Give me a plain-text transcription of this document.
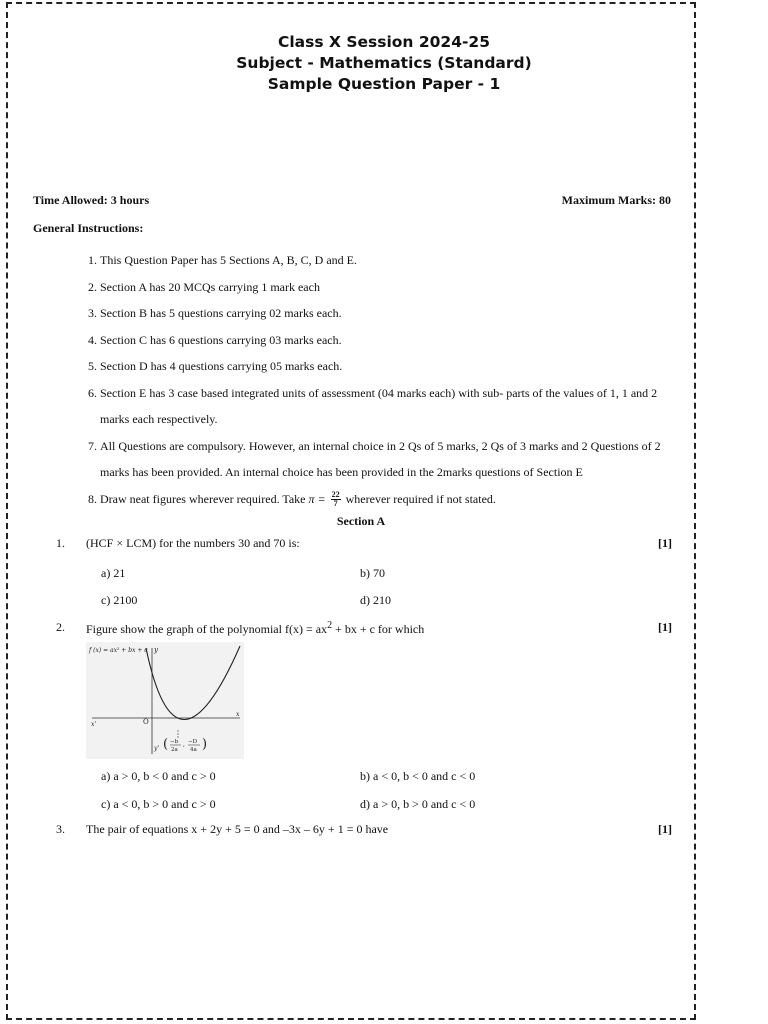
Class X Session 2024-25
Subject - Mathematics (Standard)
Sample Question Paper - 1
Time Allowed: 3 hours	Maximum Marks: 80
General Instructions:
1. This Question Paper has 5 Sections A, B, C, D and E.
2. Section A has 20 MCQs carrying 1 mark each
3. Section B has 5 questions carrying 02 marks each.
4. Section C has 6 questions carrying 03 marks each.
5. Section D has 4 questions carrying 05 marks each.
6. Section E has 3 case based integrated units of assessment (04 marks each) with sub- parts of the values of 1, 1 and 2 marks each respectively.
7. All Questions are compulsory. However, an internal choice in 2 Qs of 5 marks, 2 Qs of 3 marks and 2 Questions of 2 marks has been provided. An internal choice has been provided in the 2marks questions of Section E
8. Draw neat figures wherever required. Take $\pi = \frac{22}{7}$ wherever required if not stated.
Section A
1. (HCF × LCM) for the numbers 30 and 70 is:	[1]
a) 21	b) 70
c) 2100	d) 210
2. Figure show the graph of the polynomial $f(x) = ax^2$ + bx + c for which	[1]
f (x) = ax² + bx + c y
y'
x
x'	O
(	)
−b
2a
, −D
4a
a) a > 0, b < 0 and c > 0	b) a < 0, b < 0 and c < 0
c) a < 0, b > 0 and c > 0	d) a > 0, b > 0 and c < 0
3. The pair of equations x + 2y + 5 = 0 and –3x – 6y + 1 = 0 have	[1]
